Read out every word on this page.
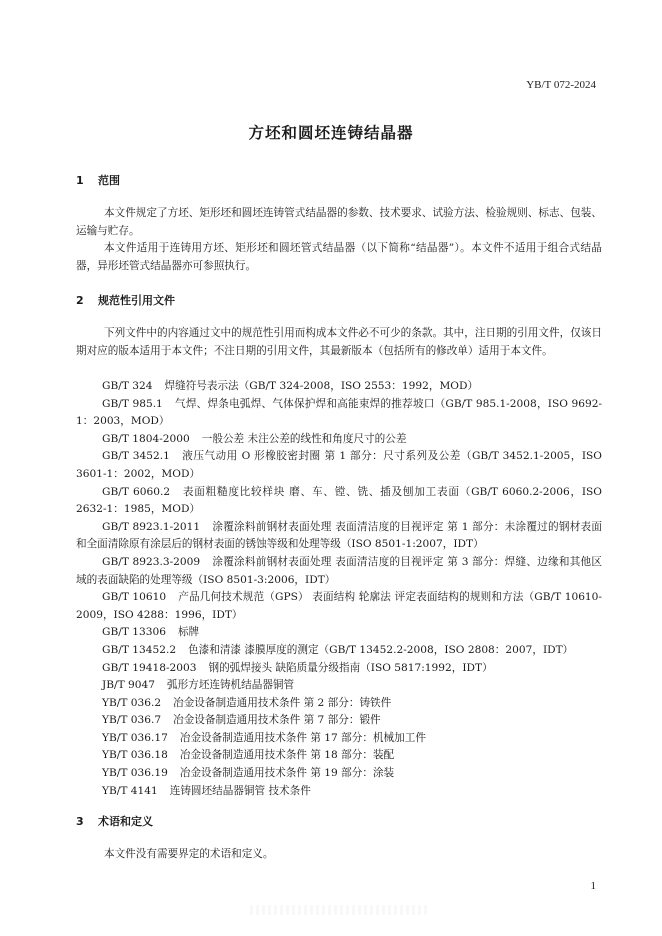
YB/T 072-2024
方坯和圆坯连铸结晶器
1 范围

本文件规定了方坯、矩形坯和圆坯连铸管式结晶器的参数、技术要求、试验方法、检验规则、标志、包装、运输与贮存。

本文件适用于连铸用方坯、矩形坯和圆坯管式结晶器（以下简称“结晶器”）。本文件不适用于组合式结晶器，异形坯管式结晶器亦可参照执行。

2 规范性引用文件

下列文件中的内容通过文中的规范性引用而构成本文件必不可少的条款。其中，注日期的引用文件，仅该日期对应的版本适用于本文件；不注日期的引用文件，其最新版本（包括所有的修改单）适用于本文件。

GB/T 324 焊缝符号表示法（GB/T 324-2008，ISO 2553：1992，MOD）
GB/T 985.1 气焊、焊条电弧焊、气体保护焊和高能束焊的推荐坡口（GB/T 985.1-2008，ISO 9692-1：2003，MOD）
GB/T 1804-2000 一般公差 未注公差的线性和角度尺寸的公差
GB/T 3452.1 液压气动用 O 形橡胶密封圈 第 1 部分：尺寸系列及公差（GB/T 3452.1-2005，ISO 3601-1：2002，MOD）
GB/T 6060.2 表面粗糙度比较样块 磨、车、镗、铣、插及刨加工表面（GB/T 6060.2-2006，ISO 2632-1：1985，MOD）
GB/T 8923.1-2011 涂覆涂料前钢材表面处理 表面清洁度的目视评定 第 1 部分：未涂覆过的钢材表面和全面清除原有涂层后的钢材表面的锈蚀等级和处理等级（ISO 8501-1:2007，IDT）
GB/T 8923.3-2009 涂覆涂料前钢材表面处理 表面清洁度的目视评定 第 3 部分：焊缝、边缘和其他区域的表面缺陷的处理等级（ISO 8501-3:2006，IDT）
GB/T 10610 产品几何技术规范（GPS） 表面结构 轮廓法 评定表面结构的规则和方法（GB/T 10610-2009，ISO 4288：1996，IDT）
GB/T 13306 标牌
GB/T 13452.2 色漆和清漆 漆膜厚度的测定（GB/T 13452.2-2008，ISO 2808：2007，IDT）
GB/T 19418-2003 钢的弧焊接头 缺陷质量分级指南（ISO 5817:1992，IDT）
JB/T 9047 弧形方坯连铸机结晶器铜管
YB/T 036.2 冶金设备制造通用技术条件 第 2 部分：铸铁件
YB/T 036.7 冶金设备制造通用技术条件 第 7 部分：锻件
YB/T 036.17 冶金设备制造通用技术条件 第 17 部分：机械加工件
YB/T 036.18 冶金设备制造通用技术条件 第 18 部分：装配
YB/T 036.19 冶金设备制造通用技术条件 第 19 部分：涂装
YB/T 4141 连铸圆坯结晶器铜管 技术条件
3 术语和定义

本文件没有需要界定的术语和定义。

1
